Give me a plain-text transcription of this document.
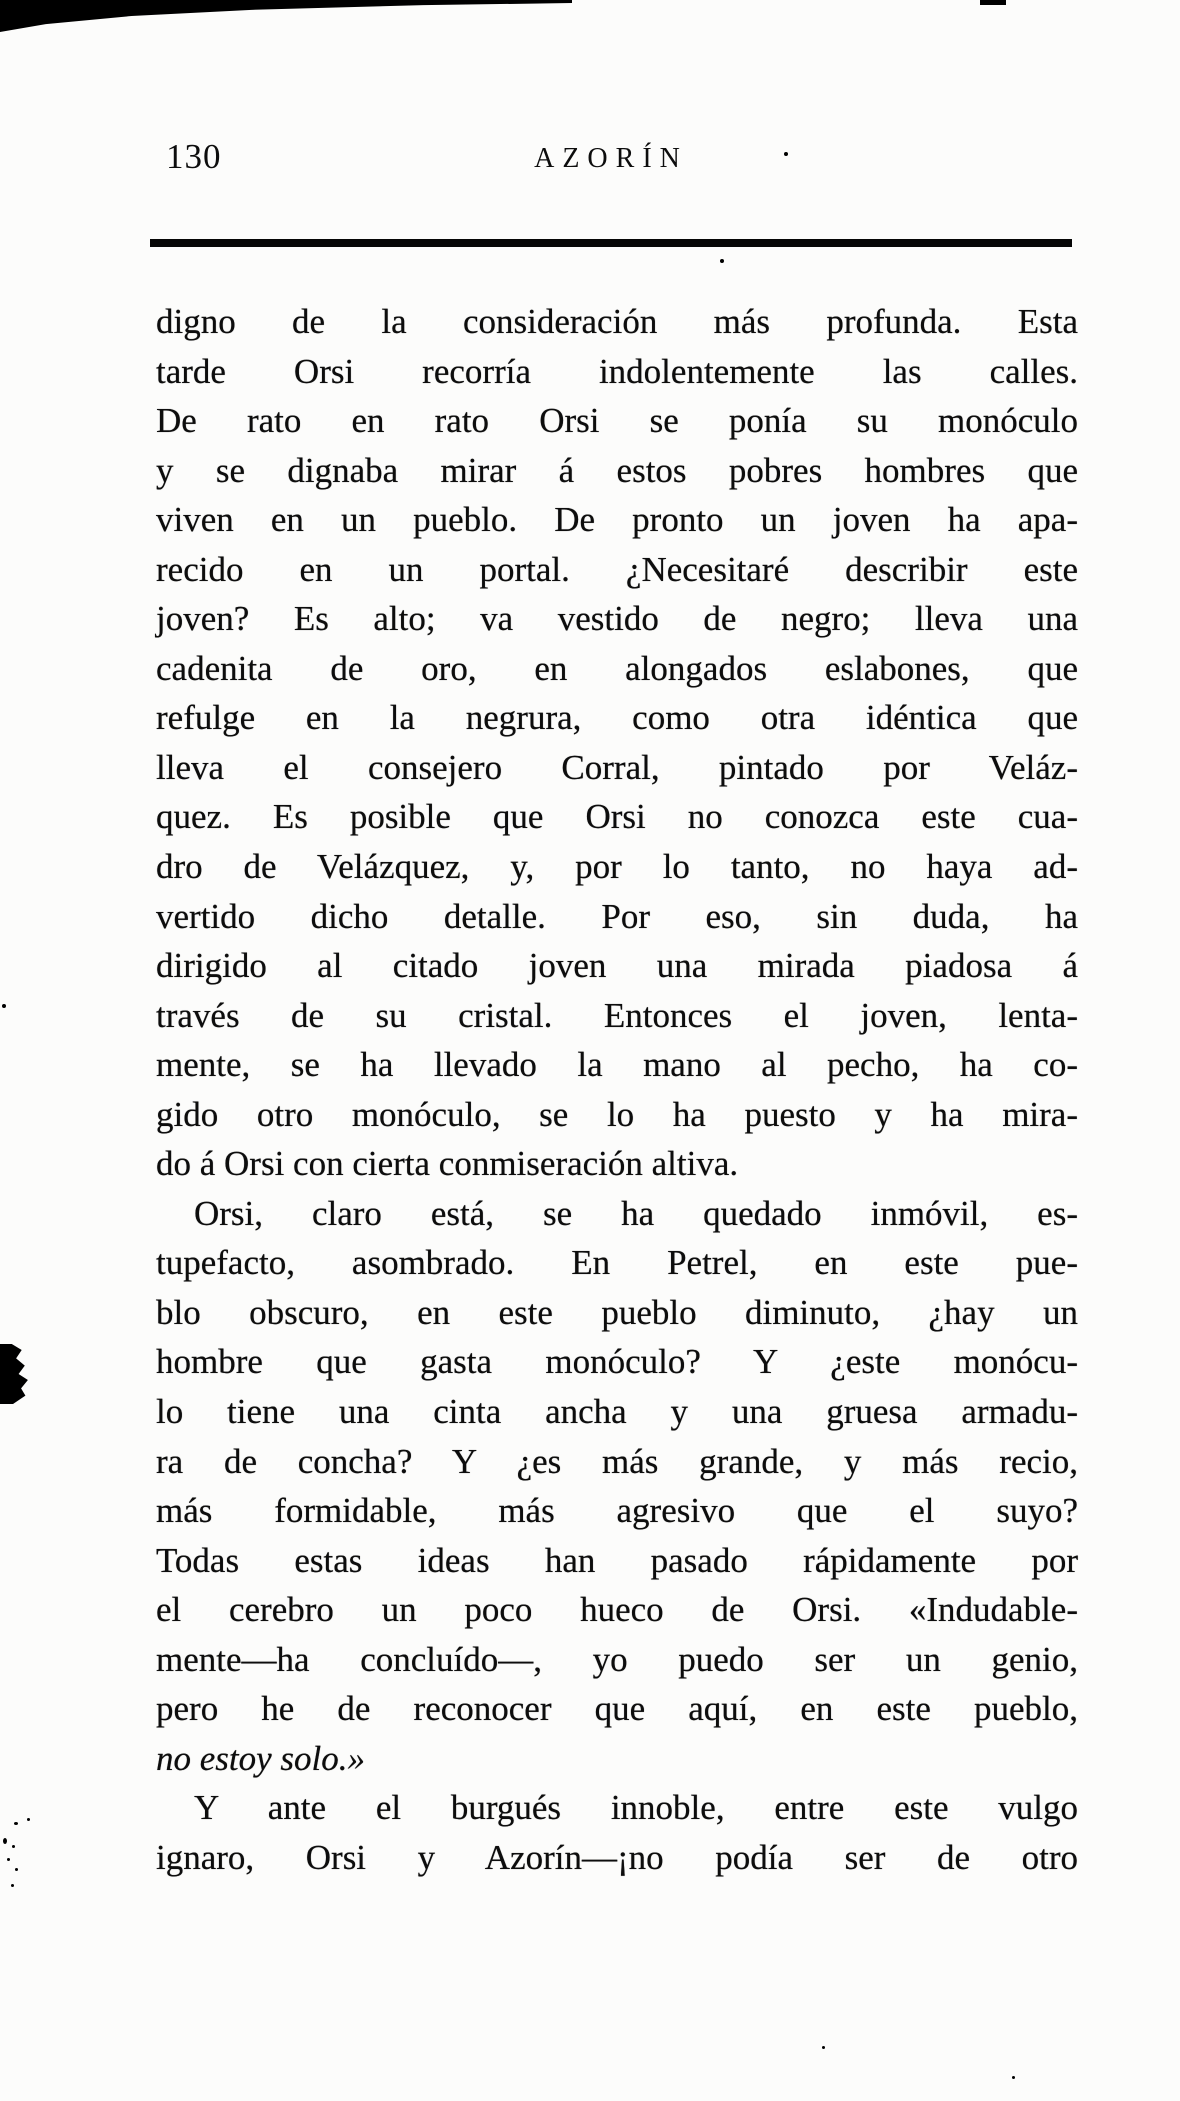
130	AZORÍN
digno de la consideración más profunda. Esta
tarde Orsi recorría indolentemente las calles.
De rato en rato Orsi se ponía su monóculo
y se dignaba mirar á estos pobres hombres que
viven en un pueblo. De pronto un joven ha apa-
recido en un portal. ¿Necesitaré describir este
joven? Es alto; va vestido de negro; lleva una
cadenita de oro, en alongados eslabones, que
refulge en la negrura, como otra idéntica que
lleva el consejero Corral, pintado por Veláz-
quez. Es posible que Orsi no conozca este cua-
dro de Velázquez, y, por lo tanto, no haya ad-
vertido dicho detalle. Por eso, sin duda, ha
dirigido al citado joven una mirada piadosa á
través de su cristal. Entonces el joven, lenta-
mente, se ha llevado la mano al pecho, ha co-
gido otro monóculo, se lo ha puesto y ha mira-
do á Orsi con cierta conmiseración altiva.
Orsi, claro está, se ha quedado inmóvil, es-
tupefacto, asombrado. En Petrel, en este pue-
blo obscuro, en este pueblo diminuto, ¿hay un
hombre que gasta monóculo? Y ¿este monócu-
lo tiene una cinta ancha y una gruesa armadu-
ra de concha? Y ¿es más grande, y más recio,
más formidable, más agresivo que el suyo?
Todas estas ideas han pasado rápidamente por
el cerebro un poco hueco de Orsi. «Indudable-
mente—ha concluído—, yo puedo ser un genio,
pero he de reconocer que aquí, en este pueblo,
no estoy solo.»
Y ante el burgués innoble, entre este vulgo
ignaro, Orsi y Azorín—¡no podía ser de otro
